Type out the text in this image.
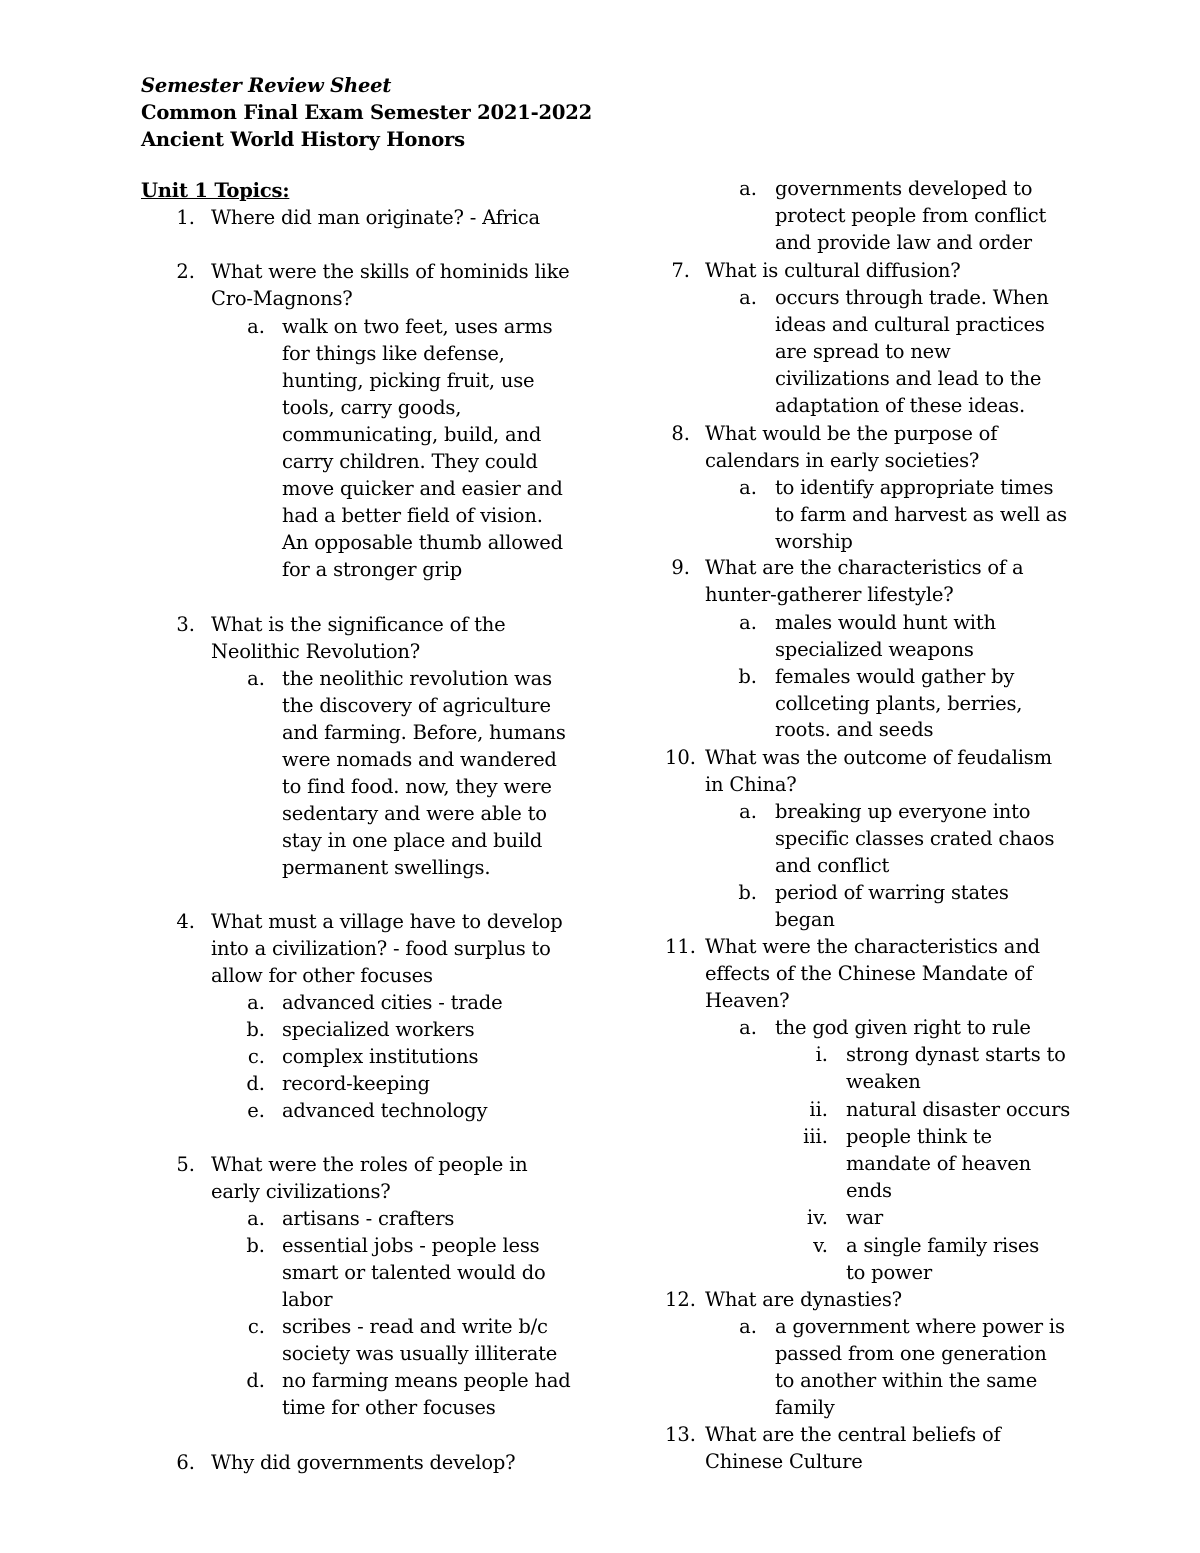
Semester Review Sheet
Common Final Exam Semester 2021-2022
Ancient World History Honors
Unit 1 Topics:
1. Where did man originate? - Africa
2. What were the skills of hominids like
Cro-Magnons?
a. walk on two feet, uses arms
for things like defense,
hunting, picking fruit, use
tools, carry goods,
communicating, build, and
carry children. They could
move quicker and easier and
had a better field of vision.
An opposable thumb allowed
for a stronger grip
3. What is the significance of the
Neolithic Revolution?
a. the neolithic revolution was
the discovery of agriculture
and farming. Before, humans
were nomads and wandered
to find food. now, they were
sedentary and were able to
stay in one place and build
permanent swellings.
4. What must a village have to develop
into a civilization? - food surplus to
allow for other focuses
a. advanced cities - trade
b. specialized workers
c. complex institutions
d. record-keeping
e. advanced technology
5. What were the roles of people in
early civilizations?
a. artisans - crafters
b. essential jobs - people less
smart or talented would do
labor
c. scribes - read and write b/c
society was usually illiterate
d. no farming means people had
time for other focuses
6. Why did governments develop?
a. governments developed to
protect people from conflict
and provide law and order
7. What is cultural diffusion?
a. occurs through trade. When
ideas and cultural practices
are spread to new
civilizations and lead to the
adaptation of these ideas.
8. What would be the purpose of
calendars in early societies?
a. to identify appropriate times
to farm and harvest as well as
worship
9. What are the characteristics of a
hunter-gatherer lifestyle?
a. males would hunt with
specialized weapons
b. females would gather by
collceting plants, berries,
roots. and seeds
10. What was the outcome of feudalism
in China?
a. breaking up everyone into
specific classes crated chaos
and conflict
b. period of warring states
began
11. What were the characteristics and
effects of the Chinese Mandate of
Heaven?
a. the god given right to rule
i. strong dynast starts to
weaken
ii. natural disaster occurs
iii. people think te
mandate of heaven
ends
iv. war
v. a single family rises
to power
12. What are dynasties?
a. a government where power is
passed from one generation
to another within the same
family
13. What are the central beliefs of
Chinese Culture
